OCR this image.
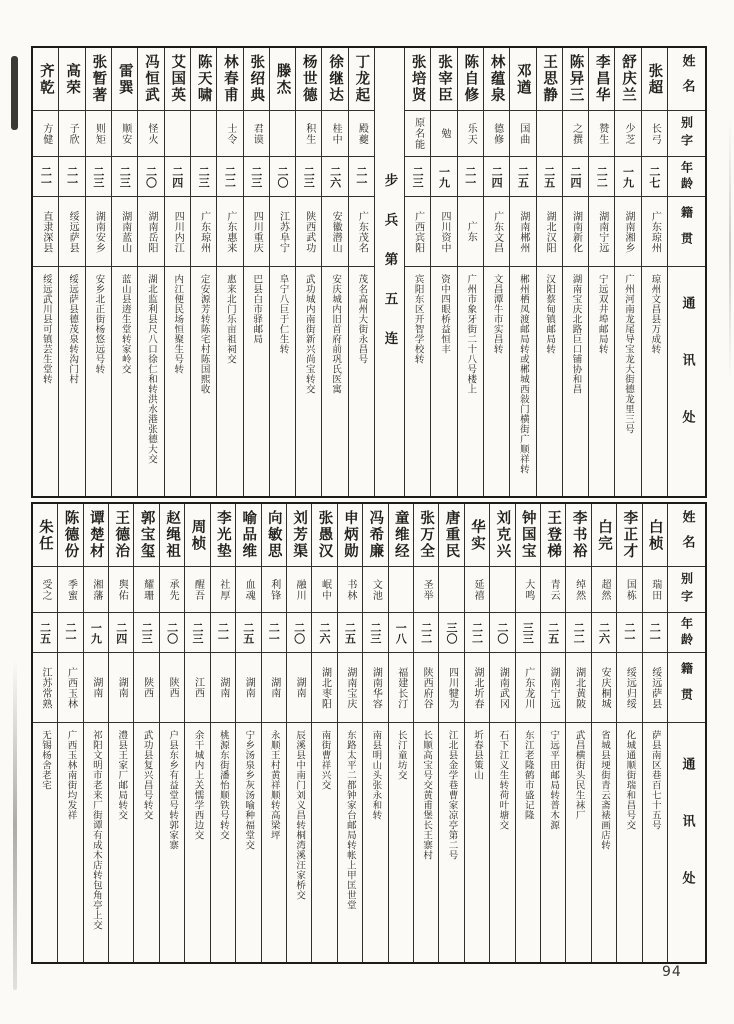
姓名
别字
年龄
籍贯
通讯处
张超
长弓
二七
广东琼州
琼州文昌县万成转
舒庆兰
少芝
一九
湖南湘乡
广州河南龙尾导宝龙大街德龙里三号
李昌华
赞生
二二
湖南宁远
宁远双井埠邮局转
陈异三
之撰
二四
湖南新化
湖南宝庆北路巨口铺协和昌
王思静
二五
湖北汉阳
汉阳蔡甸镇邮局转
邓遒
国曲
二五
湖南郴州
郴州栖凤渡邮局转或郴城西敍门横街广顺祥转
林蕴泉
德修
二四
广东文昌
文昌潭牛市实昌转
陈自修
乐天
二一
广东
广州市象牙街二十八号楼上
张宰臣
勉
一九
四川资中
资中四眼桥益恒丰
张培贤
原名能
二三
广西宾阳
宾阳东区开智学校转
步兵第五连
丁龙起
殿夔
二一
广东茂名
茂名高州大街永昌号
徐继达
桂中
二六
安徽潜山
安庆城内旧首府前巩氏医寓
杨世德
积生
二三
陕西武功
武功城内南街新兴尚宝转交
滕杰
二〇
江苏阜宁
阜宁八巨于仁生转
张绍典
君谟
二三
四川重庆
巴县白市驿邮局
林春甫
士令
二二
广东惠来
惠来北门乐亩祖祠交
陈天啸
二三
广东琼州
定安源芳转陈宅村陈国熙收
艾国英
二四
四川内江
内江便民场恒聚生号转
冯恒武
怪火
二〇
湖南岳阳
湖北监利县尺八口徐仁和转洪水港张德大交
雷巽
顺安
二三
湖南蓝山
蓝山县逩生堂转家岭交
张暂著
则矩
二三
湖南安乡
安乡北正街杨悠远号转
高荣
子欣
二一
绥远萨县
绥远萨县德茂泉转沟门村
齐乾
方健
二一
直隶深县
绥远武川县可镇芸生堂转
姓名
别字
年龄
籍贯
通讯处
白桢
瑞田
二一
绥远萨县
萨县南区巷百七十五号
李正才
国栋
二一
绥远归绥
化城通顺街瑞和昌号交
白完
超然
二六
安庆桐城
省城县埂街青云斋裱画店转
李书裕
绰然
二二
湖北黄陂
武昌横街头民生袜厂
王登梯
青云
二五
湖南宁远
宁远平田邮局转普木源
钟国宝
大鸣
三三
广东龙川
东江老隆鹤市盛记隆
刘克兴
二〇
湖南武冈
石下江义生转荷叶塘交
华实
延禧
二二
湖北圻春
圻春县策山
唐重民
三〇
四川犍为
江北县金学巷曹家凉亭第二号
张万全
圣举
二二
陕西府谷
长顺高宝号交黄甫堡长王寨村
童维经
一八
福建长汀
长汀童坊交
冯希廉
文池
二三
湖南华容
南县明山头张永和转
申炳勋
书林
二五
湖南宝庆
东路太平二都钟家台邮局转帐上甲匡世堂
张愚汉
岷中
二六
湖北枣阳
南街曹祥兴交
刘芳渠
融川
二〇
湖南
辰溪县中南门刘义昌转桐湾溪汪家桥交
向敏思
利锋
二一
湖南
永顺王村黄祥顺转高梁坪
喻品维
血魂
二五
湖南
宁乡汤泉乡灰汤喻种福堂交
李光垫
社厚
二一
湖南
桃源东街潘怡顺铁号转交
周桢
醒吾
二三
江西
余干城内上关懦学西边交
赵绳祖
承先
二〇
陕西
户县东乡有益堂号转郭家寨
郭宝玺
耀珊
二三
陕西
武功县复兴昌号转交
王德治
舆佑
二四
湖南
澧县王家厂邮局转交
谭楚材
湘藩
一九
湖南
祁阳文明市老来厂街谭有成木店转包角亭上交
陈德份
季蜜
二一
广西玉林
广西玉林南街均发祥
朱任
受之
二五
江苏常熟
无锡杨舍老宅
94
